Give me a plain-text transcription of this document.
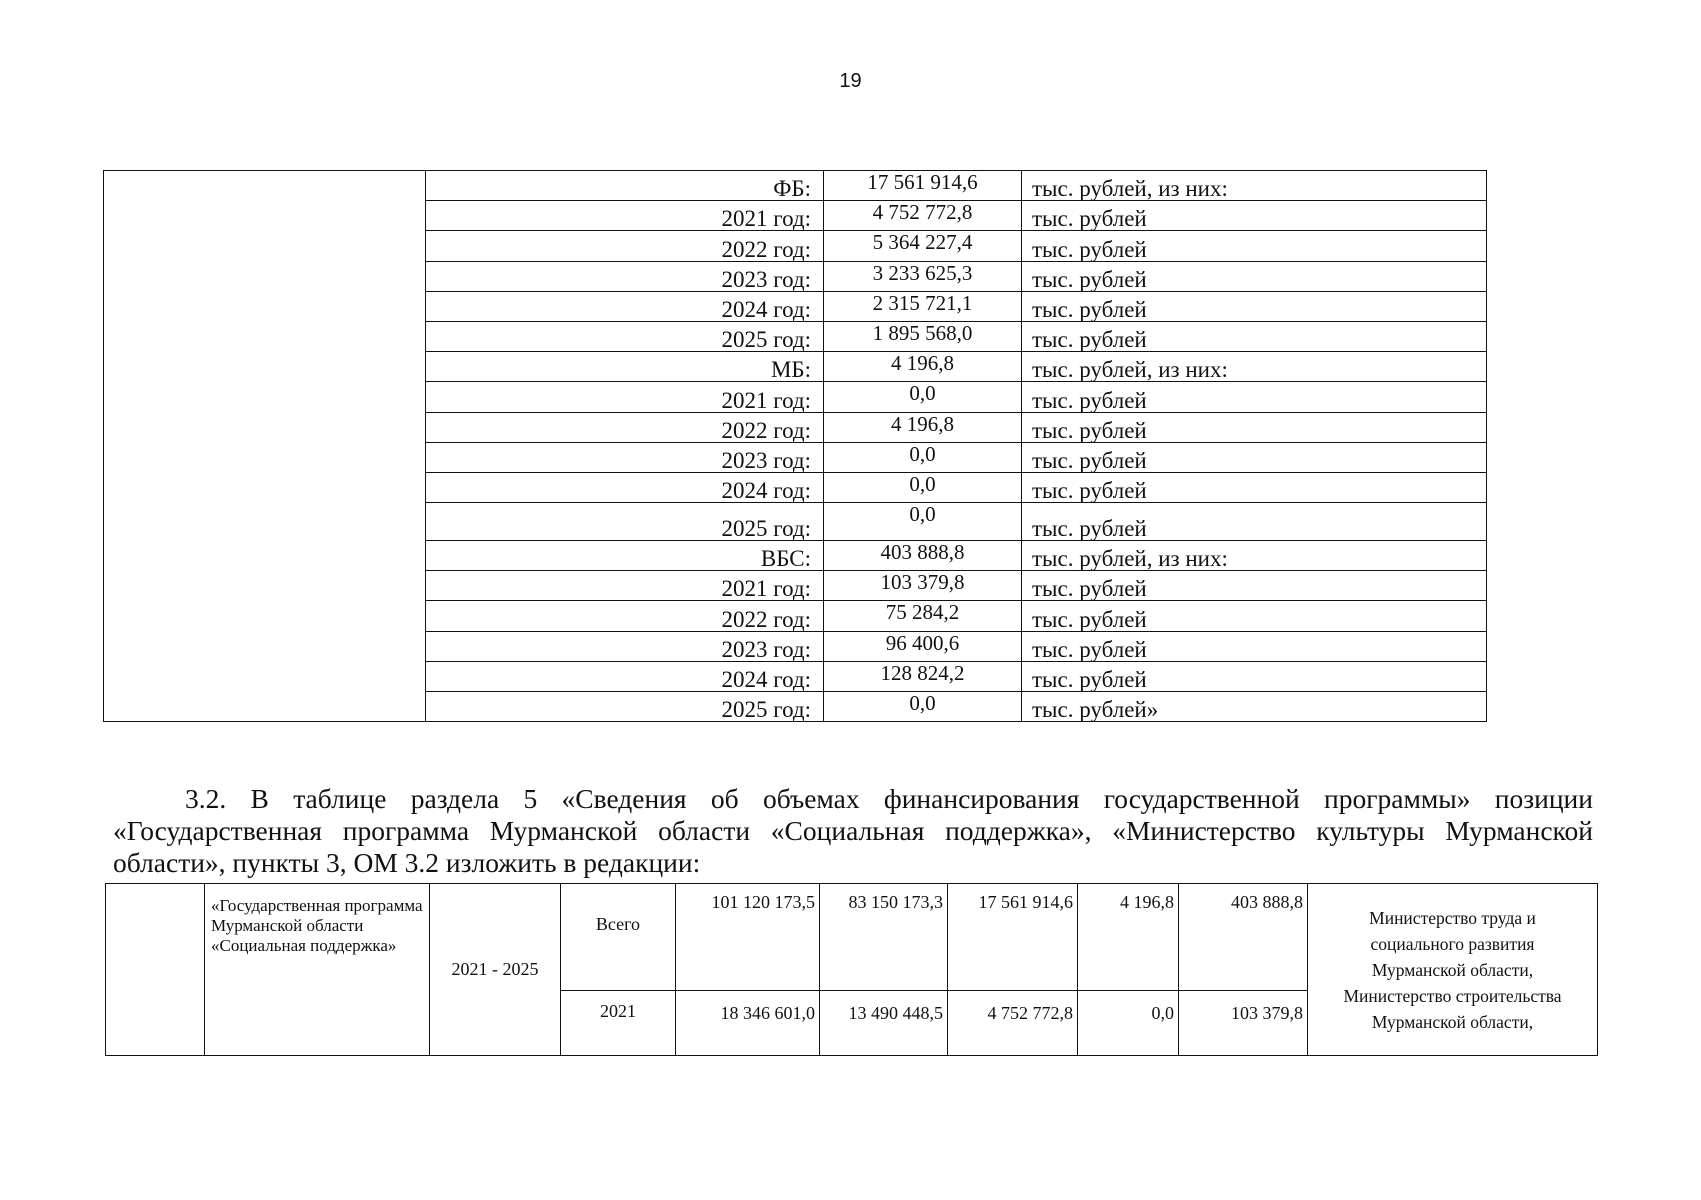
19
	ФБ:	17 561 914,6	тыс. рублей, из них:
	2021 год:	4 752 772,8	тыс. рублей
	2022 год:	5 364 227,4	тыс. рублей
	2023 год:	3 233 625,3	тыс. рублей
	2024 год:	2 315 721,1	тыс. рублей
	2025 год:	1 895 568,0	тыс. рублей
	МБ:	4 196,8	тыс. рублей, из них:
	2021 год:	0,0	тыс. рублей
	2022 год:	4 196,8	тыс. рублей
	2023 год:	0,0	тыс. рублей
	2024 год:	0,0	тыс. рублей
	2025 год:	0,0	тыс. рублей
	ВБС:	403 888,8	тыс. рублей, из них:
	2021 год:	103 379,8	тыс. рублей
	2022 год:	75 284,2	тыс. рублей
	2023 год:	96 400,6	тыс. рублей
	2024 год:	128 824,2	тыс. рублей
	2025 год:	0,0	тыс. рублей»

3.2. В таблице раздела 5 «Сведения об объемах финансирования государственной программы» позиции «Государственная программа Мурманской области «Социальная поддержка», «Министерство культуры Мурманской области», пункты 3, ОМ 3.2 изложить в редакции:

	«Государственная программа Мурманской области «Социальная поддержка»	2021 - 2025	Всего	101 120 173,5	83 150 173,3	17 561 914,6	4 196,8	403 888,8	Министерство труда и
социального развития
Мурманской области,
Министерство строительства
Мурманской области,

			2021	18 346 601,0	13 490 448,5	4 752 772,8	0,0	103 379,8	
